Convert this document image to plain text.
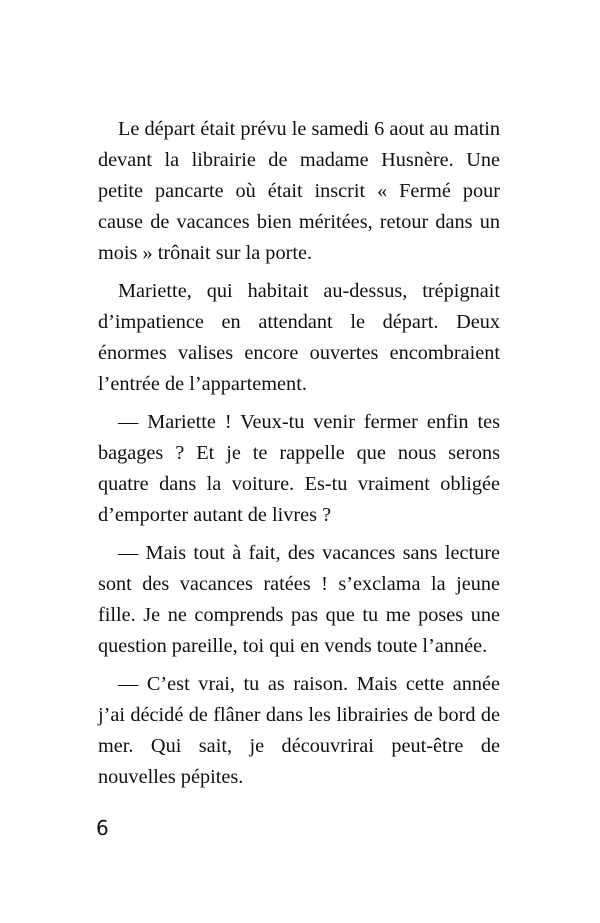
Le départ était prévu le samedi 6 aout au matin devant la librairie de madame Husnère. Une petite pancarte où était inscrit « Fermé pour cause de vacances bien méritées, retour dans un mois » trônait sur la porte.

Mariette, qui habitait au-dessus, trépignait d’impatience en attendant le départ. Deux énormes valises encore ouvertes encombraient l’entrée de l’appartement.

— Mariette ! Veux-tu venir fermer enfin tes bagages ? Et je te rappelle que nous serons quatre dans la voiture. Es-tu vraiment obligée d’emporter autant de livres ?

— Mais tout à fait, des vacances sans lecture sont des vacances ratées ! s’exclama la jeune fille. Je ne comprends pas que tu me poses une question pareille, toi qui en vends toute l’année.

— C’est vrai, tu as raison. Mais cette année j’ai décidé de flâner dans les librairies de bord de mer. Qui sait, je découvrirai peut-être de nouvelles pépites.

6
